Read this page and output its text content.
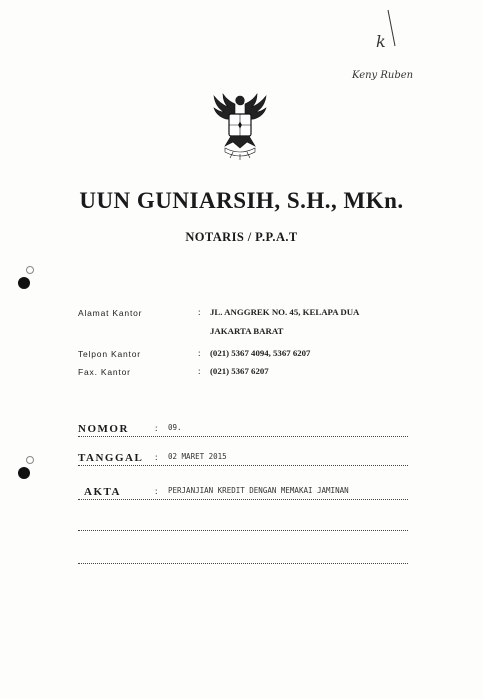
k
Keny Ruben
UUN GUNIARSIH, S.H., MKn.
NOTARIS / P.P.A.T
Alamat Kantor	: JL. ANGGREK NO. 45, KELAPA DUA
JAKARTA BARAT
Telpon Kantor	: (021) 5367 4094, 5367 6207
Fax. Kantor	: (021) 5367 6207
NOMOR	: 09.
TANGGAL : 02 MARET 2015
AKTA	: PERJANJIAN KREDIT DENGAN MEMAKAI JAMINAN
